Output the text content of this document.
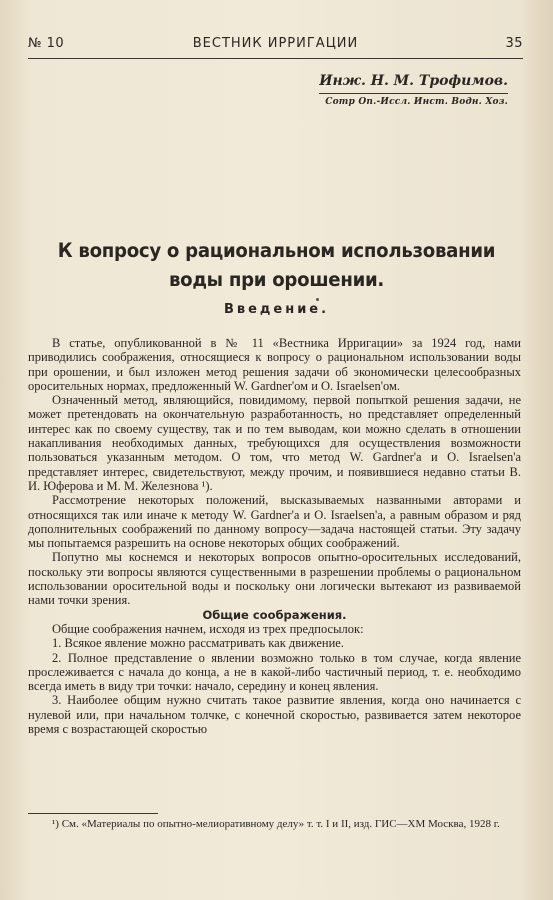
№ 10	ВЕСТНИК ИРРИГАЦИИ	35
Инж. Н. М. Трофимов.
Сотр Оп.-Иссл. Инст. Водн. Хоз.
К вопросу о рациональном использовании
воды при орошении.
Введение.

В статье, опубликованной в № 11 «Вестника Ирригации» за 1924 год, нами приводились соображения, относящиеся к вопросу о рациональном использовании воды при орошении, и был изложен метод решения задачи об экономически целесообразных оросительных нормах, предложенный W. Gardner'ом и O. Israelsen'ом.

Означенный метод, являющийся, повидимому, первой попыткой решения задачи, не может претендовать на окончательную разработанность, но представляет определенный интерес как по своему существу, так и по тем выводам, кои можно сделать в отношении накапливания необходимых данных, требующихся для осуществления возможности пользоваться указанным методом. О том, что метод W. Gardner'a и O. Israelsen'a представляет интерес, свидетельствуют, между прочим, и появившиеся недавно статьи В. И. Юферова и М. М. Железнова ¹).

Рассмотрение некоторых положений, высказываемых названными авторами и относящихся так или иначе к методу W. Gardner'a и O. Israelsen'a, а равным образом и ряд дополнительных соображений по данному вопросу—задача настоящей статьи. Эту задачу мы попытаемся разрешить на основе некоторых общих соображений.

Попутно мы коснемся и некоторых вопросов опытно-оросительных исследований, поскольку эти вопросы являются существенными в разрешении проблемы о рациональном использовании оросительной воды и поскольку они логически вытекают из развиваемой нами точки зрения.

Общие соображения.

Общие соображения начнем, исходя из трех предпосылок:

1. Всякое явление можно рассматривать как движение.

2. Полное представление о явлении возможно только в том случае, когда явление прослеживается с начала до конца, а не в какой-либо частичный период, т. е. необходимо всегда иметь в виду три точки: начало, середину и конец явления.

3. Наиболее общим нужно считать такое развитие явления, когда оно начинается с нулевой или, при начальном толчке, с конечной скоростью, развивается затем некоторое время с возрастающей скоростью

¹) См. «Материалы по опытно-мелиоративному делу» т. т. I и II, изд. ГИС—ХМ Москва, 1928 г.
